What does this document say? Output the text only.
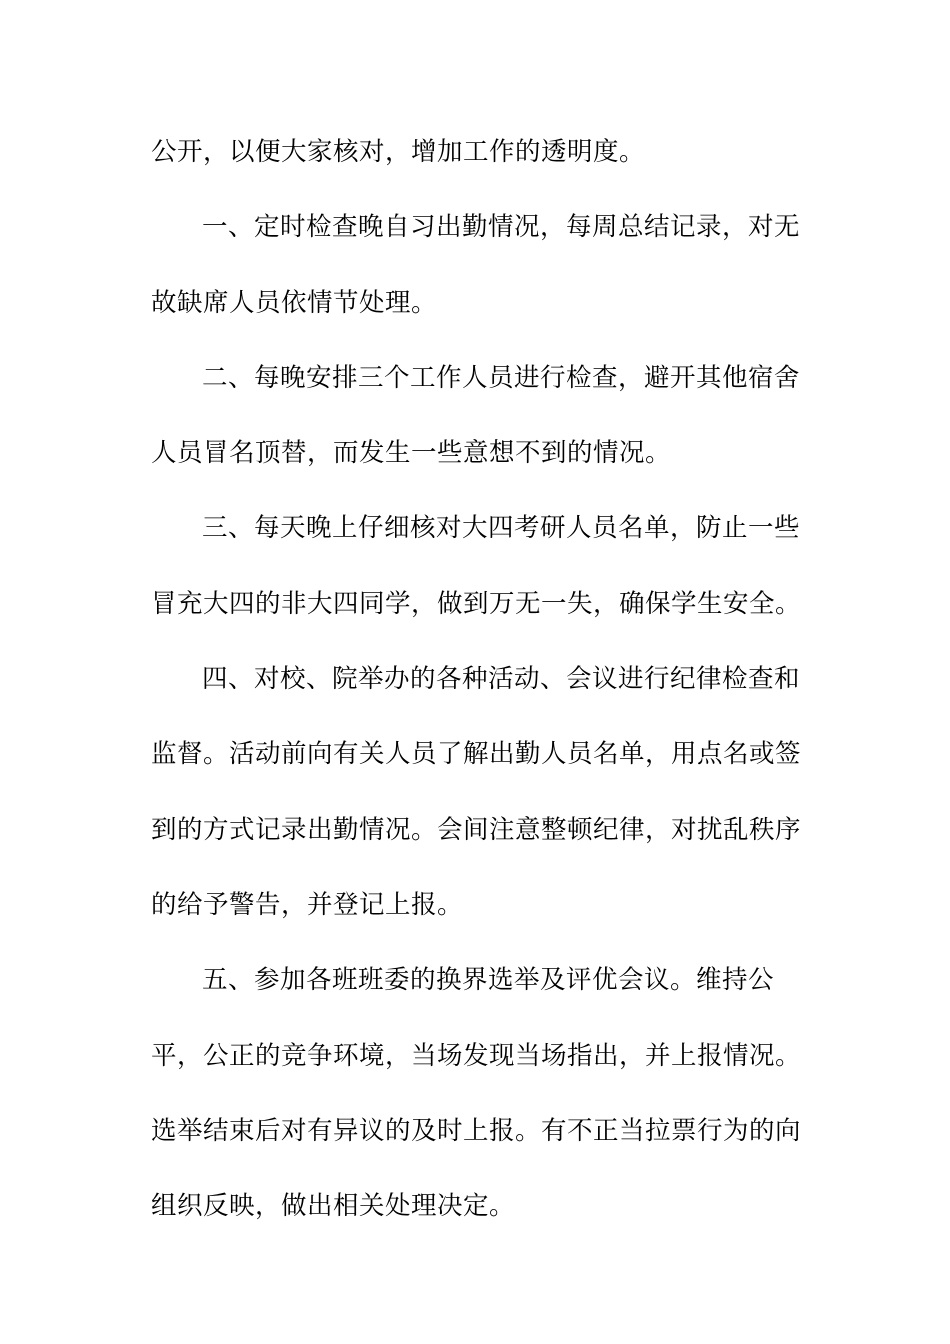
公开，以便大家核对，增加工作的透明度。
一、定时检查晚自习出勤情况，每周总结记录，对无
故缺席人员依情节处理。
二、每晚安排三个工作人员进行检查，避开其他宿舍
人员冒名顶替，而发生一些意想不到的情况。
三、每天晚上仔细核对大四考研人员名单，防止一些
冒充大四的非大四同学，做到万无一失，确保学生安全。
四、对校、院举办的各种活动、会议进行纪律检查和
监督。活动前向有关人员了解出勤人员名单，用点名或签
到的方式记录出勤情况。会间注意整顿纪律，对扰乱秩序
的给予警告，并登记上报。
五、参加各班班委的换界选举及评优会议。维持公
平，公正的竞争环境，当场发现当场指出，并上报情况。
选举结束后对有异议的及时上报。有不正当拉票行为的向
组织反映，做出相关处理决定。
